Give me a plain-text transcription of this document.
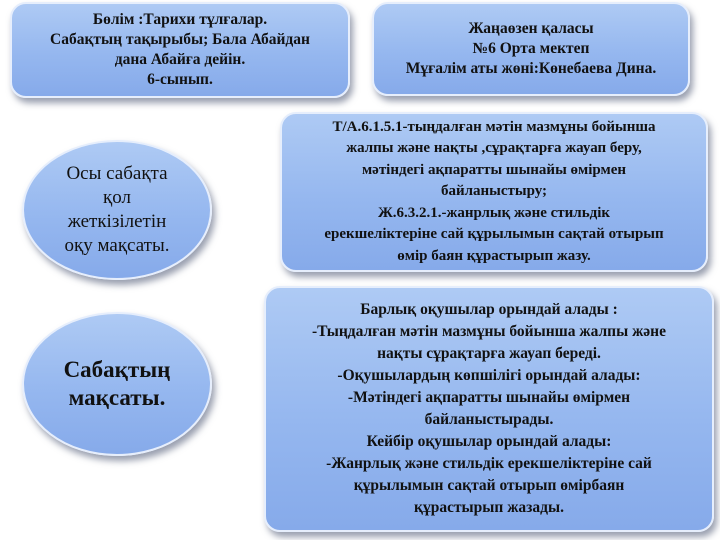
Бөлім :Тарихи тұлғалар.
Сабақтың тақырыбы; Бала Абайдан
дана Абайға дейін.
6-сынып.
Жаңаөзен қаласы
№6 Орта мектеп
Мұғалім аты жөні:Көнебаева Дина.
Осы сабақта
қол
жеткізілетін
оқу мақсаты.
Т/А.6.1.5.1-тыңдалған мәтін мазмұны бойынша
жалпы және нақты ,сұрақтарға жауап беру,
мәтіндегі ақпаратты шынайы өмірмен
байланыстыру;
Ж.6.3.2.1.-жанрлық және стильдік
ерекшеліктеріне сай құрылымын сақтай отырып
өмір баян құрастырып жазу.
Сабақтың
мақсаты.
Барлық оқушылар орындай алады :
-Тыңдалған мәтін мазмұны бойынша жалпы және
нақты сұрақтарға жауап береді.
-Оқушылардың көпшілігі орындай алады:
-Мәтіндегі ақпаратты шынайы өмірмен
байланыстырады.
Кейбір оқушылар орындай алады:
-Жанрлық және стильдік ерекшеліктеріне сай
құрылымын сақтай отырып өмірбаян
құрастырып жазады.
